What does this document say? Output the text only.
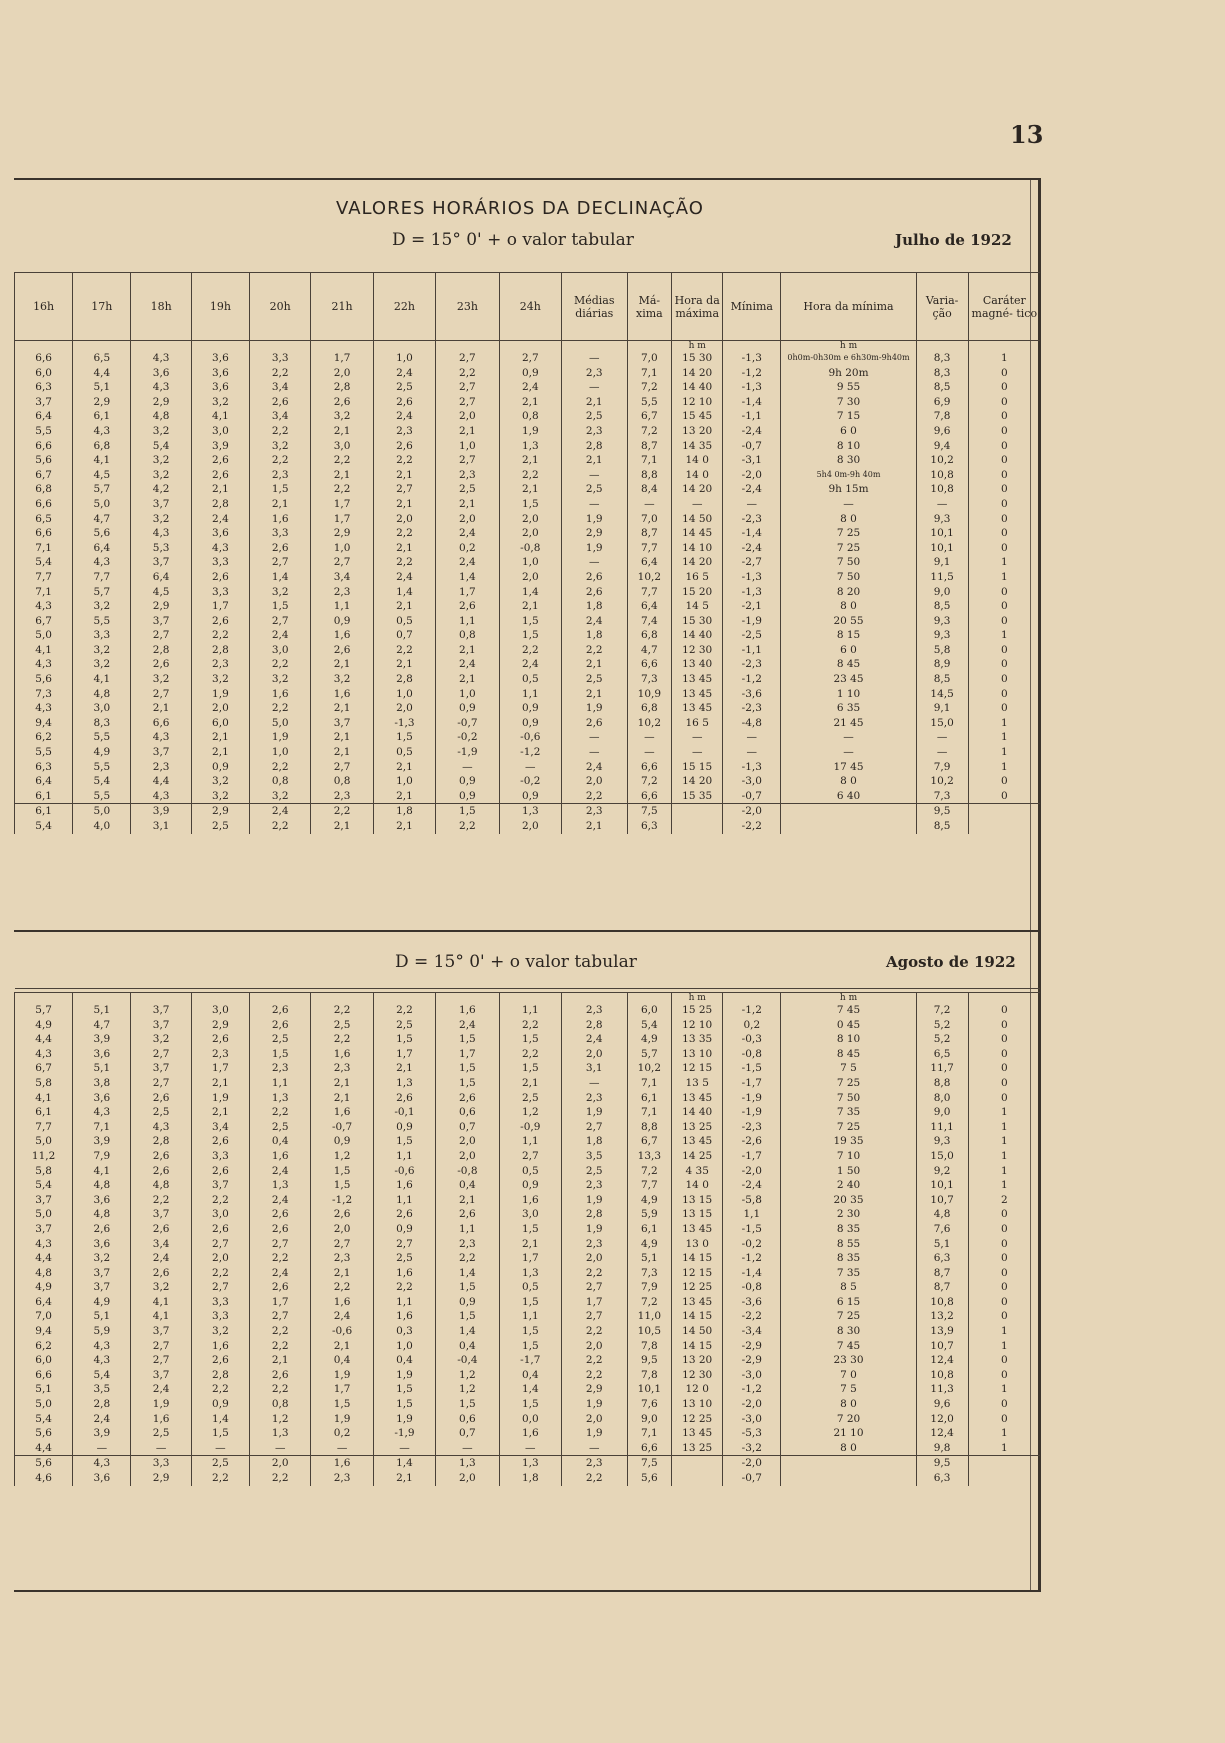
13
VALORES HORÁRIOS DA DECLINAÇÃO
D = 15° 0' + o valor tabular	Julho de 1922
16h	17h	18h	19h	20h	21h	22h	23h	24h	Médias diárias	Má- xima	Hora da máxima	Mínima	Hora da mínima	Varia- ção	Caráter magné- tico
											h m		h m		
6,6	6,5	4,3	3,6	3,3	1,7	1,0	2,7	2,7	—	7,0	15 30	-1,3	0h0m-0h30m e 6h30m-9h40m	8,3	1
6,0	4,4	3,6	3,6	2,2	2,0	2,4	2,2	0,9	2,3	7,1	14 20	-1,2	9h 20m	8,3	0
6,3	5,1	4,3	3,6	3,4	2,8	2,5	2,7	2,4	—	7,2	14 40	-1,3	9 55	8,5	0
3,7	2,9	2,9	3,2	2,6	2,6	2,6	2,7	2,1	2,1	5,5	12 10	-1,4	7 30	6,9	0
6,4	6,1	4,8	4,1	3,4	3,2	2,4	2,0	0,8	2,5	6,7	15 45	-1,1	7 15	7,8	0
5,5	4,3	3,2	3,0	2,2	2,1	2,3	2,1	1,9	2,3	7,2	13 20	-2,4	6 0	9,6	0
6,6	6,8	5,4	3,9	3,2	3,0	2,6	1,0	1,3	2,8	8,7	14 35	-0,7	8 10	9,4	0
5,6	4,1	3,2	2,6	2,2	2,2	2,2	2,7	2,1	2,1	7,1	14 0	-3,1	8 30	10,2	0
6,7	4,5	3,2	2,6	2,3	2,1	2,1	2,3	2,2	—	8,8	14 0	-2,0	5h4 0m-9h 40m	10,8	0
6,8	5,7	4,2	2,1	1,5	2,2	2,7	2,5	2,1	2,5	8,4	14 20	-2,4	9h 15m	10,8	0
6,6	5,0	3,7	2,8	2,1	1,7	2,1	2,1	1,5	—	—	—	—	—	—	0
6,5	4,7	3,2	2,4	1,6	1,7	2,0	2,0	2,0	1,9	7,0	14 50	-2,3	8 0	9,3	0
6,6	5,6	4,3	3,6	3,3	2,9	2,2	2,4	2,0	2,9	8,7	14 45	-1,4	7 25	10,1	0
7,1	6,4	5,3	4,3	2,6	1,0	2,1	0,2	-0,8	1,9	7,7	14 10	-2,4	7 25	10,1	0
5,4	4,3	3,7	3,3	2,7	2,7	2,2	2,4	1,0	—	6,4	14 20	-2,7	7 50	9,1	1
7,7	7,7	6,4	2,6	1,4	3,4	2,4	1,4	2,0	2,6	10,2	16 5	-1,3	7 50	11,5	1
7,1	5,7	4,5	3,3	3,2	2,3	1,4	1,7	1,4	2,6	7,7	15 20	-1,3	8 20	9,0	0
4,3	3,2	2,9	1,7	1,5	1,1	2,1	2,6	2,1	1,8	6,4	14 5	-2,1	8 0	8,5	0
6,7	5,5	3,7	2,6	2,7	0,9	0,5	1,1	1,5	2,4	7,4	15 30	-1,9	20 55	9,3	0
5,0	3,3	2,7	2,2	2,4	1,6	0,7	0,8	1,5	1,8	6,8	14 40	-2,5	8 15	9,3	1
4,1	3,2	2,8	2,8	3,0	2,6	2,2	2,1	2,2	2,2	4,7	12 30	-1,1	6 0	5,8	0
4,3	3,2	2,6	2,3	2,2	2,1	2,1	2,4	2,4	2,1	6,6	13 40	-2,3	8 45	8,9	0
5,6	4,1	3,2	3,2	3,2	3,2	2,8	2,1	0,5	2,5	7,3	13 45	-1,2	23 45	8,5	0
7,3	4,8	2,7	1,9	1,6	1,6	1,0	1,0	1,1	2,1	10,9	13 45	-3,6	1 10	14,5	0
4,3	3,0	2,1	2,0	2,2	2,1	2,0	0,9	0,9	1,9	6,8	13 45	-2,3	6 35	9,1	0
9,4	8,3	6,6	6,0	5,0	3,7	-1,3	-0,7	0,9	2,6	10,2	16 5	-4,8	21 45	15,0	1
6,2	5,5	4,3	2,1	1,9	2,1	1,5	-0,2	-0,6	—	—	—	—	—	—	1
5,5	4,9	3,7	2,1	1,0	2,1	0,5	-1,9	-1,2	—	—	—	—	—	—	1
6,3	5,5	2,3	0,9	2,2	2,7	2,1	—	—	2,4	6,6	15 15	-1,3	17 45	7,9	1
6,4	5,4	4,4	3,2	0,8	0,8	1,0	0,9	-0,2	2,0	7,2	14 20	-3,0	8 0	10,2	0
6,1	5,5	4,3	3,2	3,2	2,3	2,1	0,9	0,9	2,2	6,6	15 35	-0,7	6 40	7,3	0
6,1	5,0	3,9	2,9	2,4	2,2	1,8	1,5	1,3	2,3	7,5		-2,0		9,5	
5,4	4,0	3,1	2,5	2,2	2,1	2,1	2,2	2,0	2,1	6,3		-2,2		8,5	
D = 15° 0' + o valor tabular	Agosto de 1922

											h m		h m		
5,7	5,1	3,7	3,0	2,6	2,2	2,2	1,6	1,1	2,3	6,0	15 25	-1,2	7 45	7,2	0
4,9	4,7	3,7	2,9	2,6	2,5	2,5	2,4	2,2	2,8	5,4	12 10	0,2	0 45	5,2	0
4,4	3,9	3,2	2,6	2,5	2,2	1,5	1,5	1,5	2,4	4,9	13 35	-0,3	8 10	5,2	0
4,3	3,6	2,7	2,3	1,5	1,6	1,7	1,7	2,2	2,0	5,7	13 10	-0,8	8 45	6,5	0
6,7	5,1	3,7	1,7	2,3	2,3	2,1	1,5	1,5	3,1	10,2	12 15	-1,5	7 5	11,7	0
5,8	3,8	2,7	2,1	1,1	2,1	1,3	1,5	2,1	—	7,1	13 5	-1,7	7 25	8,8	0
4,1	3,6	2,6	1,9	1,3	2,1	2,6	2,6	2,5	2,3	6,1	13 45	-1,9	7 50	8,0	0
6,1	4,3	2,5	2,1	2,2	1,6	-0,1	0,6	1,2	1,9	7,1	14 40	-1,9	7 35	9,0	1
7,7	7,1	4,3	3,4	2,5	-0,7	0,9	0,7	-0,9	2,7	8,8	13 25	-2,3	7 25	11,1	1
5,0	3,9	2,8	2,6	0,4	0,9	1,5	2,0	1,1	1,8	6,7	13 45	-2,6	19 35	9,3	1
11,2	7,9	2,6	3,3	1,6	1,2	1,1	2,0	2,7	3,5	13,3	14 25	-1,7	7 10	15,0	1
5,8	4,1	2,6	2,6	2,4	1,5	-0,6	-0,8	0,5	2,5	7,2	4 35	-2,0	1 50	9,2	1
5,4	4,8	4,8	3,7	1,3	1,5	1,6	0,4	0,9	2,3	7,7	14 0	-2,4	2 40	10,1	1
3,7	3,6	2,2	2,2	2,4	-1,2	1,1	2,1	1,6	1,9	4,9	13 15	-5,8	20 35	10,7	2
5,0	4,8	3,7	3,0	2,6	2,6	2,6	2,6	3,0	2,8	5,9	13 15	1,1	2 30	4,8	0
3,7	2,6	2,6	2,6	2,6	2,0	0,9	1,1	1,5	1,9	6,1	13 45	-1,5	8 35	7,6	0
4,3	3,6	3,4	2,7	2,7	2,7	2,7	2,3	2,1	2,3	4,9	13 0	-0,2	8 55	5,1	0
4,4	3,2	2,4	2,0	2,2	2,3	2,5	2,2	1,7	2,0	5,1	14 15	-1,2	8 35	6,3	0
4,8	3,7	2,6	2,2	2,4	2,1	1,6	1,4	1,3	2,2	7,3	12 15	-1,4	7 35	8,7	0
4,9	3,7	3,2	2,7	2,6	2,2	2,2	1,5	0,5	2,7	7,9	12 25	-0,8	8 5	8,7	0
6,4	4,9	4,1	3,3	1,7	1,6	1,1	0,9	1,5	1,7	7,2	13 45	-3,6	6 15	10,8	0
7,0	5,1	4,1	3,3	2,7	2,4	1,6	1,5	1,1	2,7	11,0	14 15	-2,2	7 25	13,2	0
9,4	5,9	3,7	3,2	2,2	-0,6	0,3	1,4	1,5	2,2	10,5	14 50	-3,4	8 30	13,9	1
6,2	4,3	2,7	1,6	2,2	2,1	1,0	0,4	1,5	2,0	7,8	14 15	-2,9	7 45	10,7	1
6,0	4,3	2,7	2,6	2,1	0,4	0,4	-0,4	-1,7	2,2	9,5	13 20	-2,9	23 30	12,4	0
6,6	5,4	3,7	2,8	2,6	1,9	1,9	1,2	0,4	2,2	7,8	12 30	-3,0	7 0	10,8	0
5,1	3,5	2,4	2,2	2,2	1,7	1,5	1,2	1,4	2,9	10,1	12 0	-1,2	7 5	11,3	1
5,0	2,8	1,9	0,9	0,8	1,5	1,5	1,5	1,5	1,9	7,6	13 10	-2,0	8 0	9,6	0
5,4	2,4	1,6	1,4	1,2	1,9	1,9	0,6	0,0	2,0	9,0	12 25	-3,0	7 20	12,0	0
5,6	3,9	2,5	1,5	1,3	0,2	-1,9	0,7	1,6	1,9	7,1	13 45	-5,3	21 10	12,4	1
4,4	—	—	—	—	—	—	—	—	—	6,6	13 25	-3,2	8 0	9,8	1
5,6	4,3	3,3	2,5	2,0	1,6	1,4	1,3	1,3	2,3	7,5		-2,0		9,5	
4,6	3,6	2,9	2,2	2,2	2,3	2,1	2,0	1,8	2,2	5,6		-0,7		6,3	
